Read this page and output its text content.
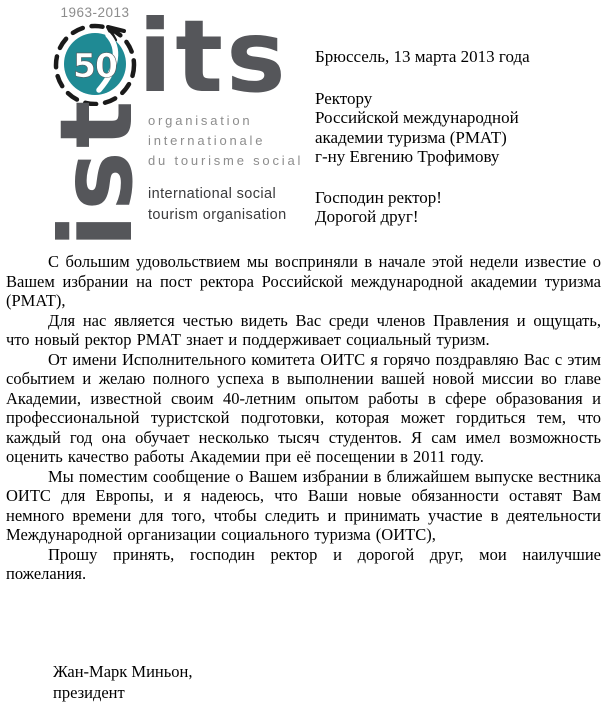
1963-2013
50 its
ist
organisation
internationale
du tourisme social
international social
tourism organisation
Брюссель, 13 марта 2013 года
Ректору
Российской международной
академии туризма (РМАТ)
г-ну Евгению Трофимову
Господин ректор!
Дорогой друг!

С большим удовольствием мы восприняли в начале этой недели известие о Вашем избрании на пост ректора Российской международной академии туризма (РМАТ),

Для нас является честью видеть Вас среди членов Правления и ощущать, что новый ректор РМАТ знает и поддерживает социальный туризм.

От имени Исполнительного комитета ОИТС я горячо поздравляю Вас с этим событием и желаю полного успеха в выполнении вашей новой миссии во главе Академии, известной своим 40-летним опытом работы в сфере образования и профессиональной туристской подготовки, которая может гордиться тем, что каждый год она обучает несколько тысяч студентов. Я сам имел возможность оценить качество работы Академии при её посещении в 2011 году.

Мы поместим сообщение о Вашем избрании в ближайшем выпуске вестника ОИТС для Европы, и я надеюсь, что Ваши новые обязанности оставят Вам немного времени для того, чтобы следить и принимать участие в деятельности Международной организации социального туризма (ОИТС),

Прошу принять, господин ректор и дорогой друг, мои наилучшие пожелания.

Жан-Марк Миньон,
президент
